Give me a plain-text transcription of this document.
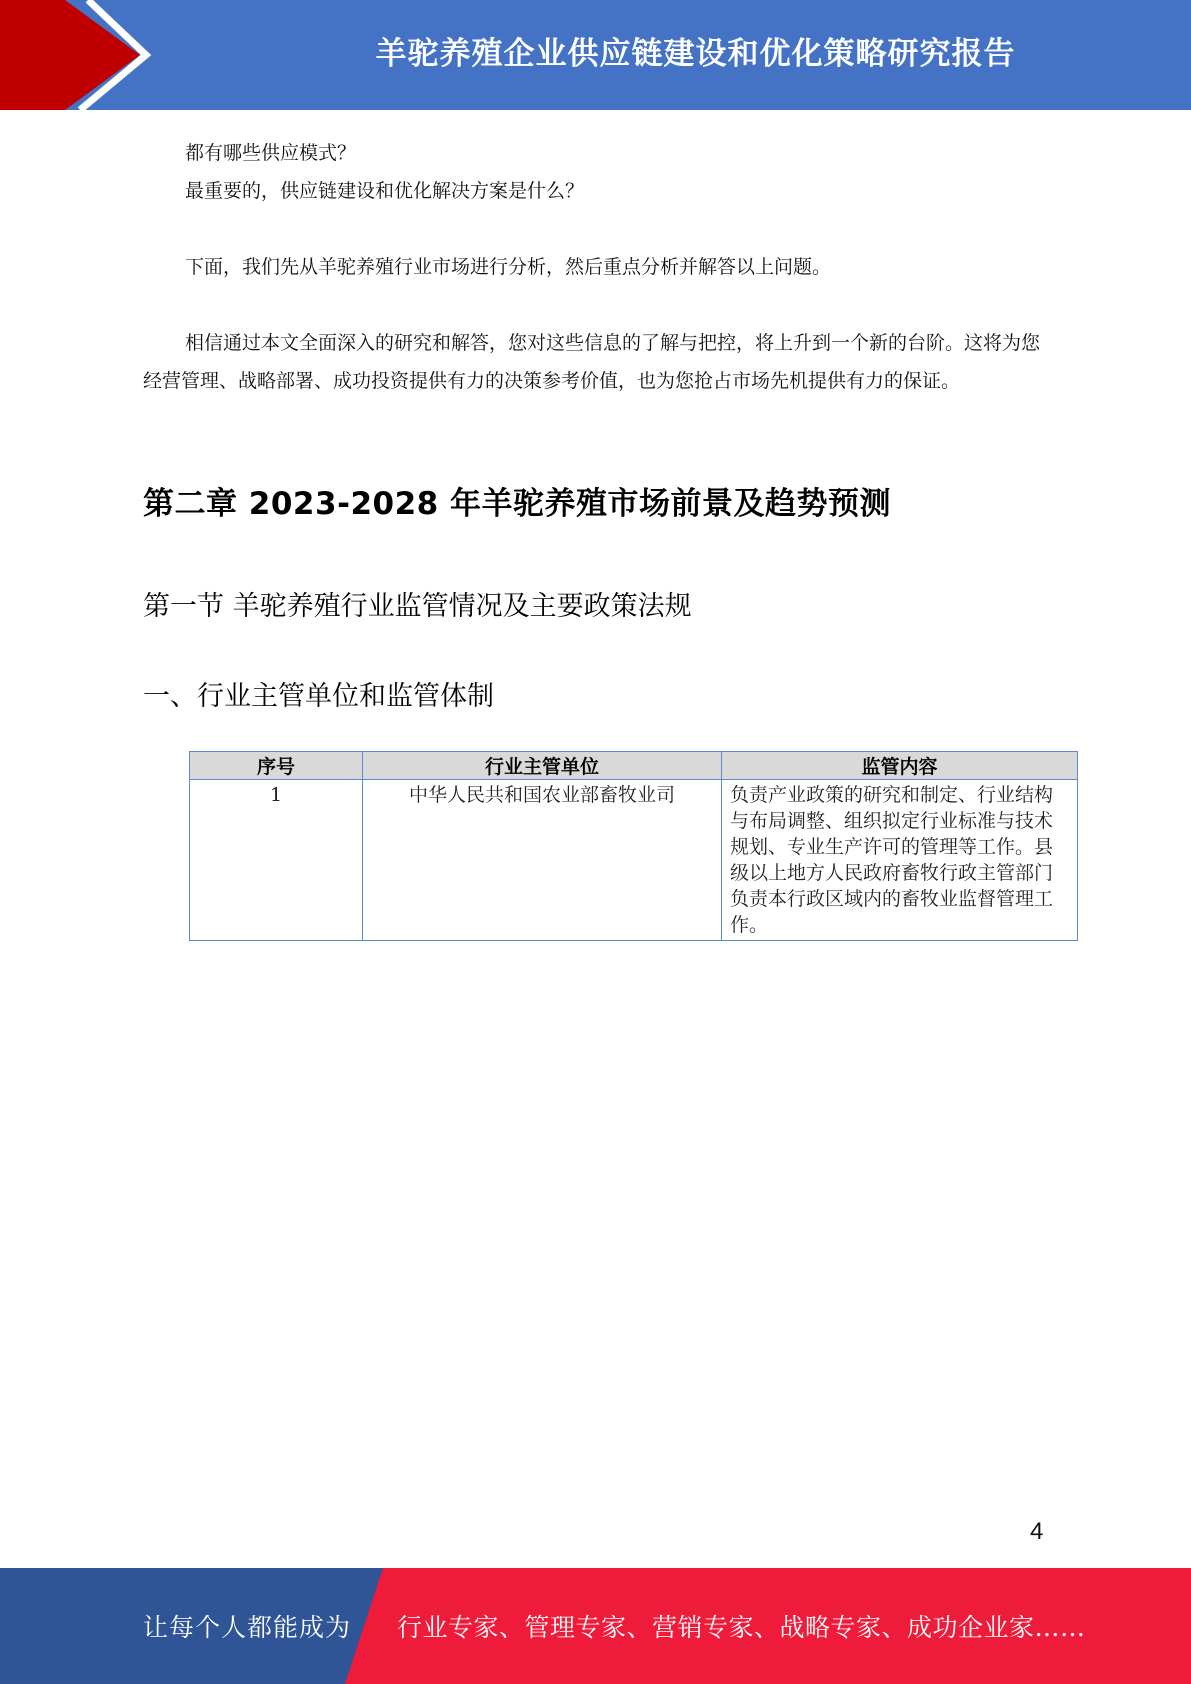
羊驼养殖企业供应链建设和优化策略研究报告
都有哪些供应模式？
最重要的，供应链建设和优化解决方案是什么？
下面，我们先从羊驼养殖行业市场进行分析，然后重点分析并解答以上问题。
相信通过本文全面深入的研究和解答，您对这些信息的了解与把控，将上升到一个新的台阶。这将为您经营管理、战略部署、成功投资提供有力的决策参考价值，也为您抢占市场先机提供有力的保证。
第二章 2023-2028 年羊驼养殖市场前景及趋势预测
第一节 羊驼养殖行业监管情况及主要政策法规
一、行业主管单位和监管体制
序号	行业主管单位	监管内容
1	中华人民共和国农业部畜牧业司	负责产业政策的研究和制定、行业结构与布局调整、组织拟定行业标准与技术规划、专业生产许可的管理等工作。县级以上地方人民政府畜牧行政主管部门负责本行政区域内的畜牧业监督管理工作。
4
让每个人都能成为 行业专家、管理专家、营销专家、战略专家、成功企业家……
